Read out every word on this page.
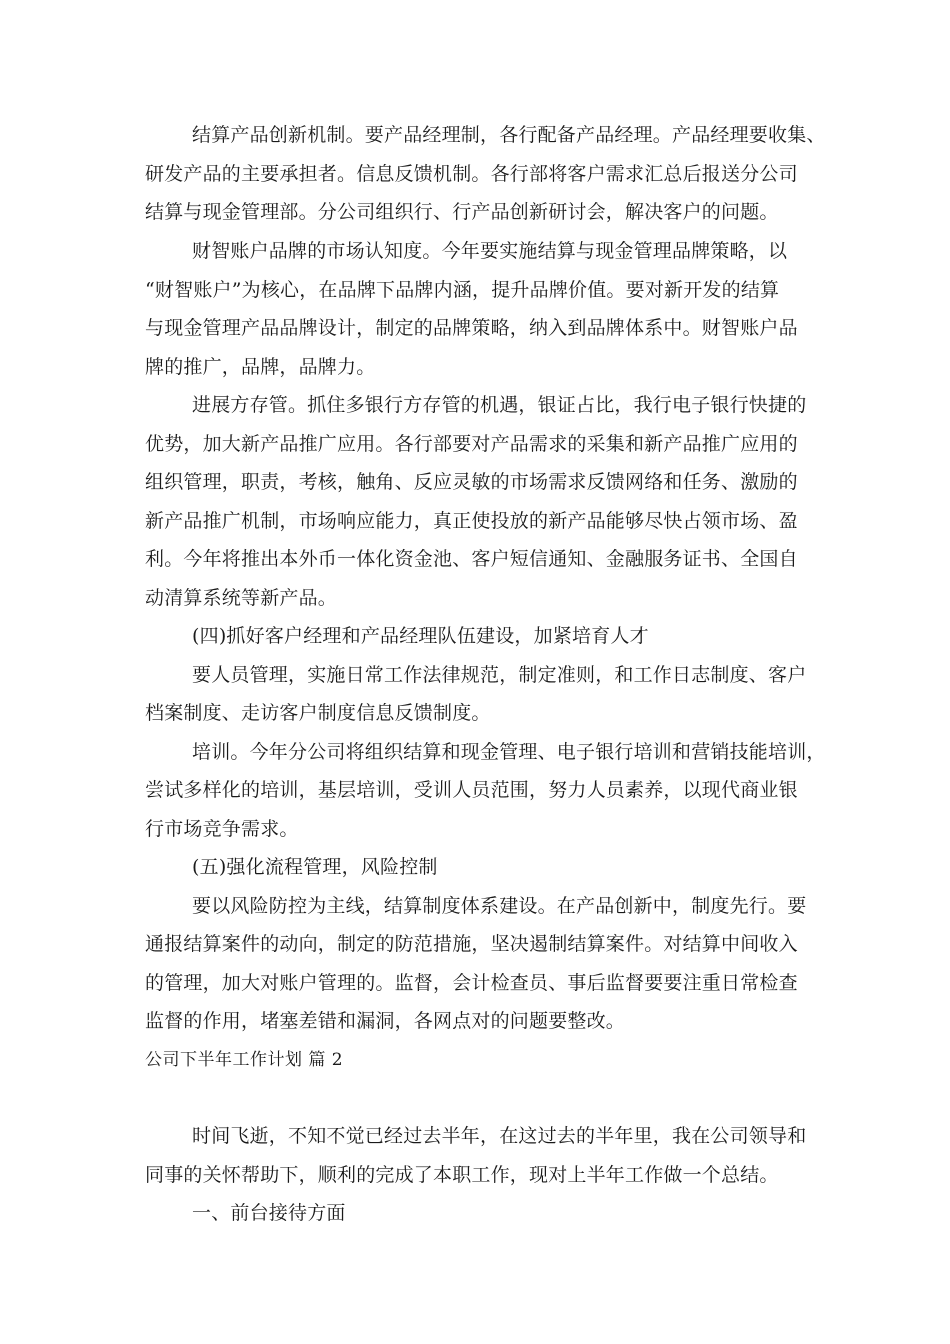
结算产品创新机制。要产品经理制，各行配备产品经理。产品经理要收集、
研发产品的主要承担者。信息反馈机制。各行部将客户需求汇总后报送分公司
结算与现金管理部。分公司组织行、行产品创新研讨会，解决客户的问题。
财智账户品牌的市场认知度。今年要实施结算与现金管理品牌策略，以
“财智账户”为核心，在品牌下品牌内涵，提升品牌价值。要对新开发的结算
与现金管理产品品牌设计，制定的品牌策略，纳入到品牌体系中。财智账户品
牌的推广，品牌，品牌力。
进展方存管。抓住多银行方存管的机遇，银证占比，我行电子银行快捷的
优势，加大新产品推广应用。各行部要对产品需求的采集和新产品推广应用的
组织管理，职责，考核，触角、反应灵敏的市场需求反馈网络和任务、激励的
新产品推广机制，市场响应能力，真正使投放的新产品能够尽快占领市场、盈
利。今年将推出本外币一体化资金池、客户短信通知、金融服务证书、全国自
动清算系统等新产品。
(四)抓好客户经理和产品经理队伍建设，加紧培育人才
要人员管理，实施日常工作法律规范，制定准则，和工作日志制度、客户
档案制度、走访客户制度信息反馈制度。
培训。今年分公司将组织结算和现金管理、电子银行培训和营销技能培训，
尝试多样化的培训，基层培训，受训人员范围，努力人员素养，以现代商业银
行市场竞争需求。
(五)强化流程管理，风险控制
要以风险防控为主线，结算制度体系建设。在产品创新中，制度先行。要
通报结算案件的动向，制定的防范措施，坚决遏制结算案件。对结算中间收入
的管理，加大对账户管理的。监督，会计检查员、事后监督要要注重日常检查
监督的作用，堵塞差错和漏洞，各网点对的问题要整改。
公司下半年工作计划 篇 2
时间飞逝，不知不觉已经过去半年，在这过去的半年里，我在公司领导和
同事的关怀帮助下，顺利的完成了本职工作，现对上半年工作做一个总结。
一、前台接待方面
